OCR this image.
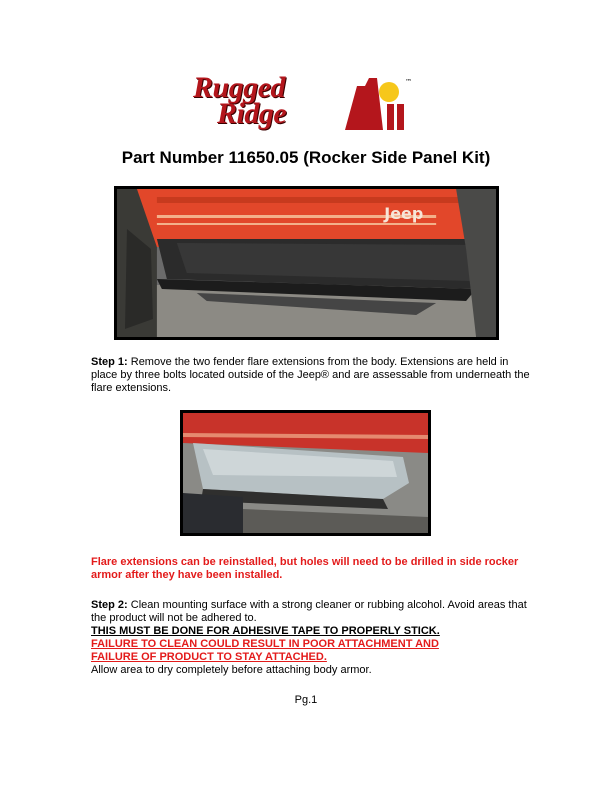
Rugged
Ridge
™
Part Number 11650.05 (Rocker Side Panel Kit)
Jeep

Step 1: Remove the two fender flare extensions from the body. Extensions are held in place by three bolts located outside of the Jeep® and are assessable from underneath the flare extensions.

Flare extensions can be reinstalled, but holes will need to be drilled in side rocker armor after they have been installed.

Step 2: Clean mounting surface with a strong cleaner or rubbing alcohol. Avoid areas that the product will not be adhered to.
THIS MUST BE DONE FOR ADHESIVE TAPE TO PROPERLY STICK.
FAILURE TO CLEAN COULD RESULT IN POOR ATTACHMENT AND
FAILURE OF PRODUCT TO STAY ATTACHED.
Allow area to dry completely before attaching body armor.
Pg.1
